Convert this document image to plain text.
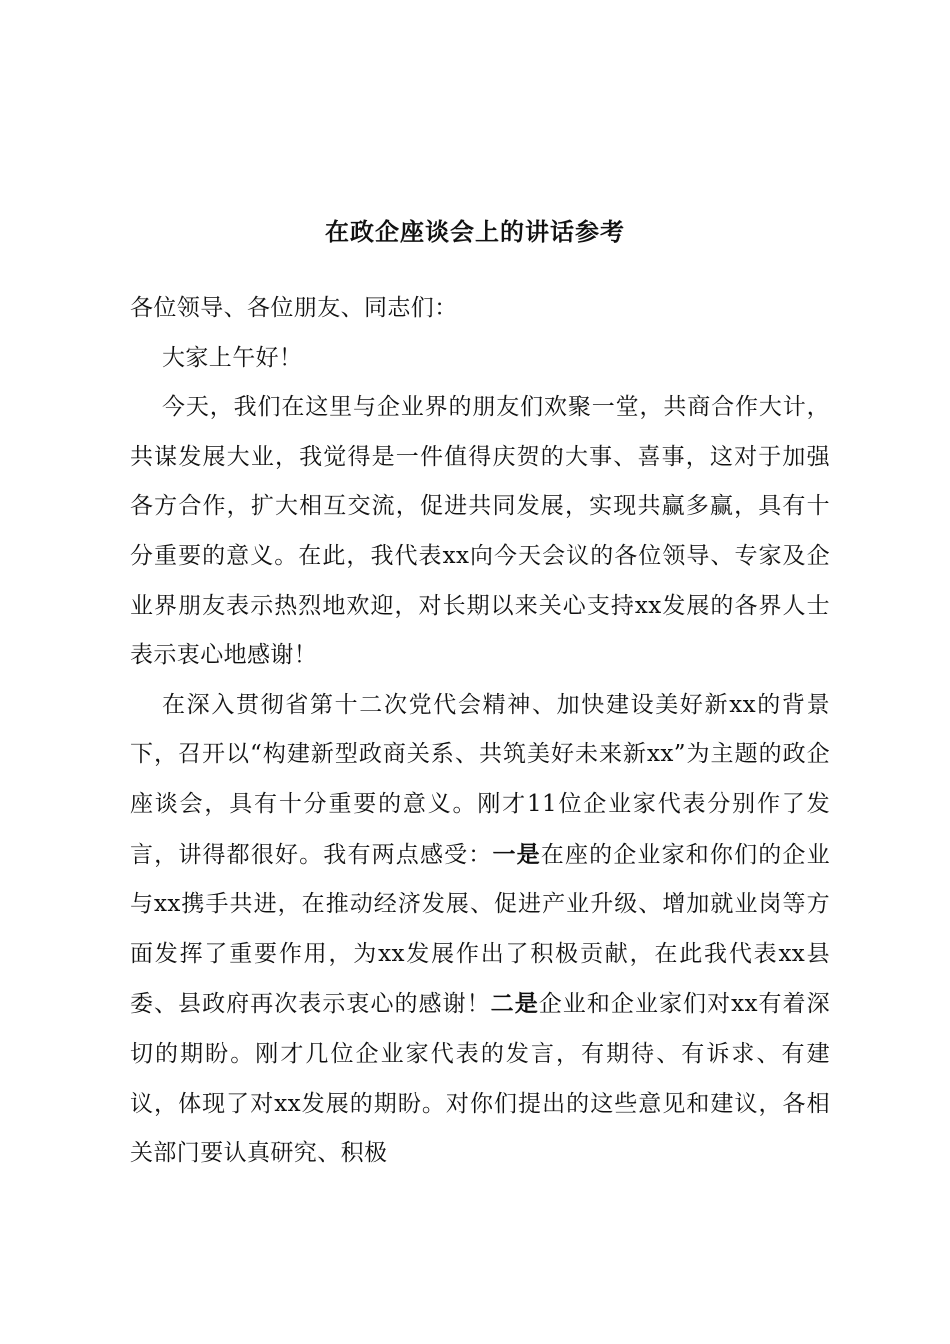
在政企座谈会上的讲话参考

各位领导、各位朋友、同志们：

大家上午好！

今天，我们在这里与企业界的朋友们欢聚一堂，共商合作大计，共谋发展大业，我觉得是一件值得庆贺的大事、喜事，这对于加强各方合作，扩大相互交流，促进共同发展，实现共赢多赢，具有十分重要的意义。在此，我代表xx向今天会议的各位领导、专家及企业界朋友表示热烈地欢迎，对长期以来关心支持xx发展的各界人士表示衷心地感谢！

在深入贯彻省第十二次党代会精神、加快建设美好新xx的背景下，召开以“构建新型政商关系、共筑美好未来新xx”为主题的政企座谈会，具有十分重要的意义。刚才11位企业家代表分别作了发言，讲得都很好。我有两点感受：一是在座的企业家和你们的企业与xx携手共进，在推动经济发展、促进产业升级、增加就业岗等方面发挥了重要作用，为xx发展作出了积极贡献，在此我代表xx县委、县政府再次表示衷心的感谢！二是企业和企业家们对xx有着深切的期盼。刚才几位企业家代表的发言，有期待、有诉求、有建议，体现了对xx发展的期盼。对你们提出的这些意见和建议，各相关部门要认真研究、积极
